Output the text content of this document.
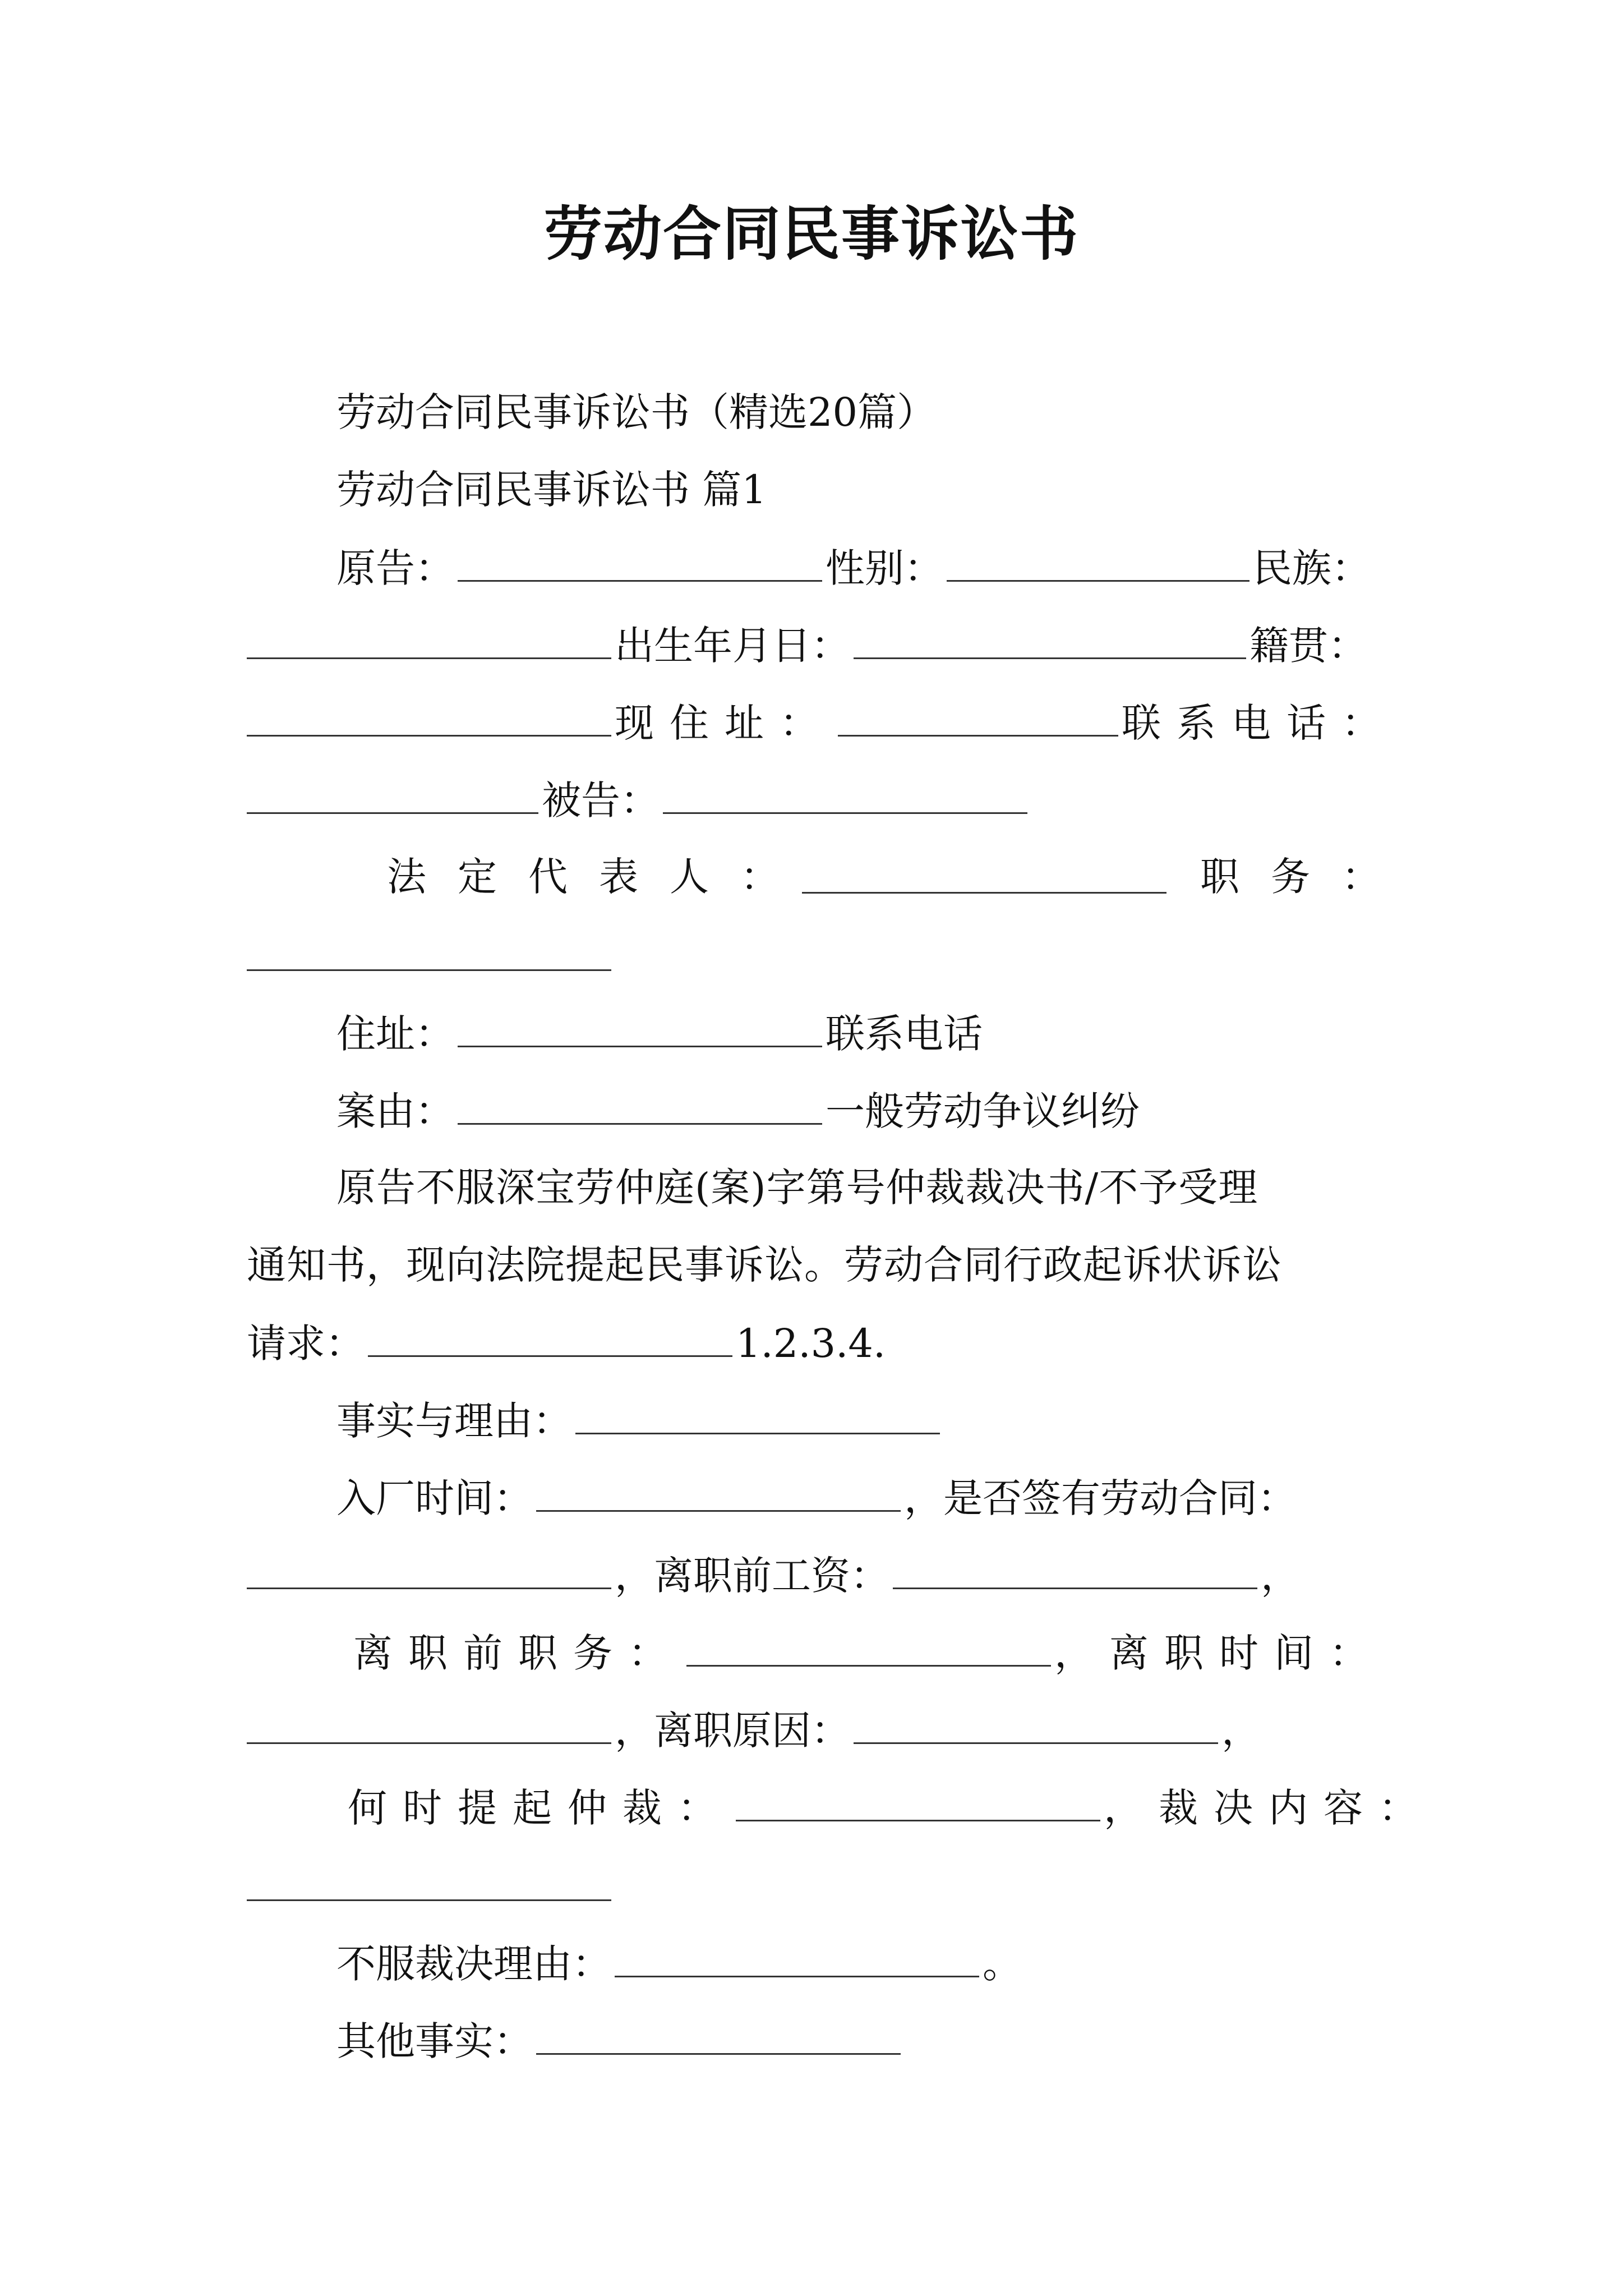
劳动合同民事诉讼书
劳动合同民事诉讼书（精选20篇）
劳动合同民事诉讼书 篇1
原告：	性别：	民族：
出生年月日：	籍贯：
现住址：	联系电话：
被告：
法定代表人：	职务：
住址：	联系电话
案由：	一般劳动争议纠纷
原告不服深宝劳仲庭(案)字第号仲裁裁决书/不予受理
通知书，现向法院提起民事诉讼。劳动合同行政起诉状诉讼
请求：	1.2.3.4.
事实与理由：
入厂时间：	，是否签有劳动合同：
，离职前工资：	，
离职前职务：	，离职时间：
，离职原因：	，
何时提起仲裁：	，裁决内容：
不服裁决理由：	。
其他事实：
